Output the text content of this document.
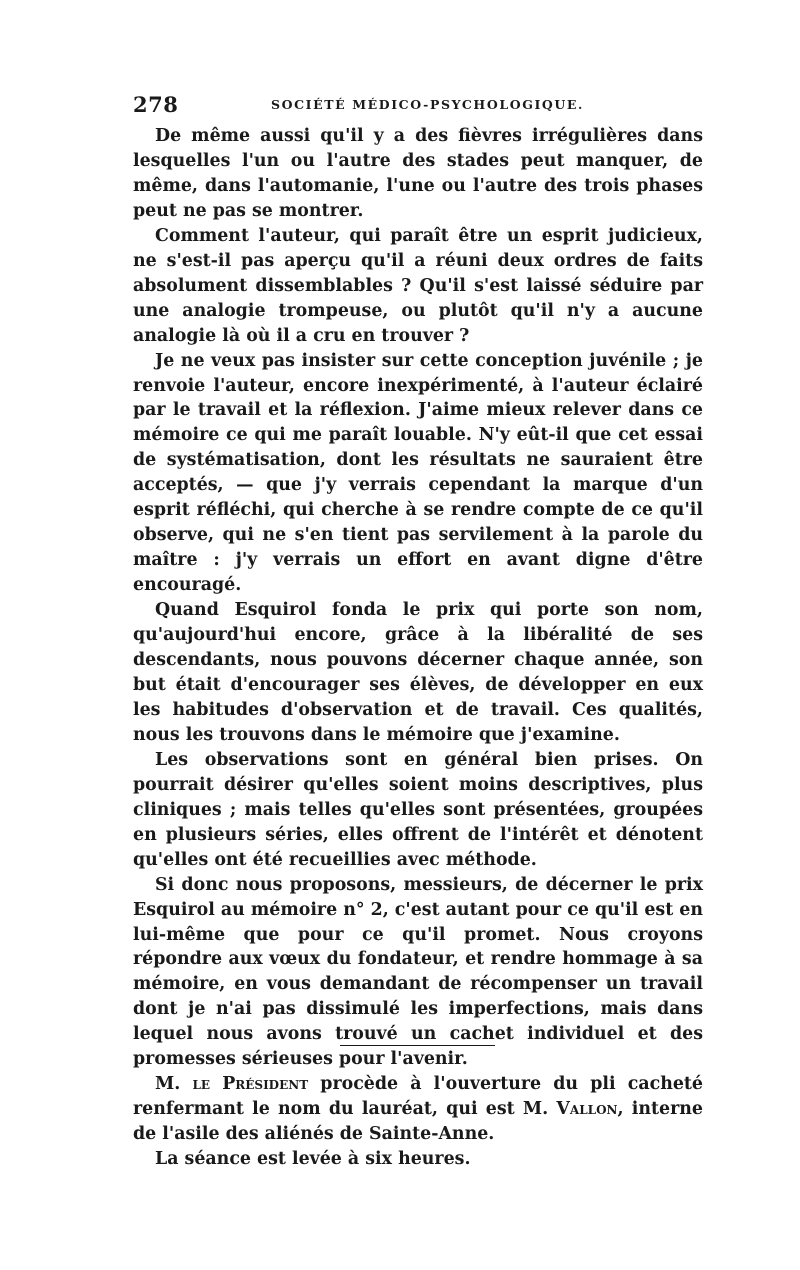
278	SOCIÉTÉ MÉDICO-PSYCHOLOGIQUE.

De même aussi qu'il y a des fièvres irrégulières dans lesquelles l'un ou l'autre des stades peut manquer, de même, dans l'automanie, l'une ou l'autre des trois phases peut ne pas se montrer.

Comment l'auteur, qui paraît être un esprit judicieux, ne s'est-il pas aperçu qu'il a réuni deux ordres de faits absolument dissemblables ? Qu'il s'est laissé séduire par une analogie trompeuse, ou plutôt qu'il n'y a aucune analogie là où il a cru en trouver ?

Je ne veux pas insister sur cette conception juvénile ; je renvoie l'auteur, encore inexpérimenté, à l'auteur éclairé par le travail et la réflexion. J'aime mieux relever dans ce mémoire ce qui me paraît louable. N'y eût-il que cet essai de systématisation, dont les résultats ne sauraient être acceptés, — que j'y verrais cependant la marque d'un esprit réfléchi, qui cherche à se rendre compte de ce qu'il observe, qui ne s'en tient pas servilement à la parole du maître : j'y verrais un effort en avant digne d'être encouragé.

Quand Esquirol fonda le prix qui porte son nom, qu'aujourd'hui encore, grâce à la libéralité de ses descendants, nous pouvons décerner chaque année, son but était d'encourager ses élèves, de développer en eux les habitudes d'observation et de travail. Ces qualités, nous les trouvons dans le mémoire que j'examine.

Les observations sont en général bien prises. On pourrait désirer qu'elles soient moins descriptives, plus cliniques ; mais telles qu'elles sont présentées, groupées en plusieurs séries, elles offrent de l'intérêt et dénotent qu'elles ont été recueillies avec méthode.

Si donc nous proposons, messieurs, de décerner le prix Esquirol au mémoire n° 2, c'est autant pour ce qu'il est en lui-même que pour ce qu'il promet. Nous croyons répondre aux vœux du fondateur, et rendre hommage à sa mémoire, en vous demandant de récompenser un travail dont je n'ai pas dissimulé les imperfections, mais dans lequel nous avons trouvé un cachet individuel et des promesses sérieuses pour l'avenir.

M. le Président procède à l'ouverture du pli cacheté renfermant le nom du lauréat, qui est M. Vallon, interne de l'asile des aliénés de Sainte-Anne.

La séance est levée à six heures.
